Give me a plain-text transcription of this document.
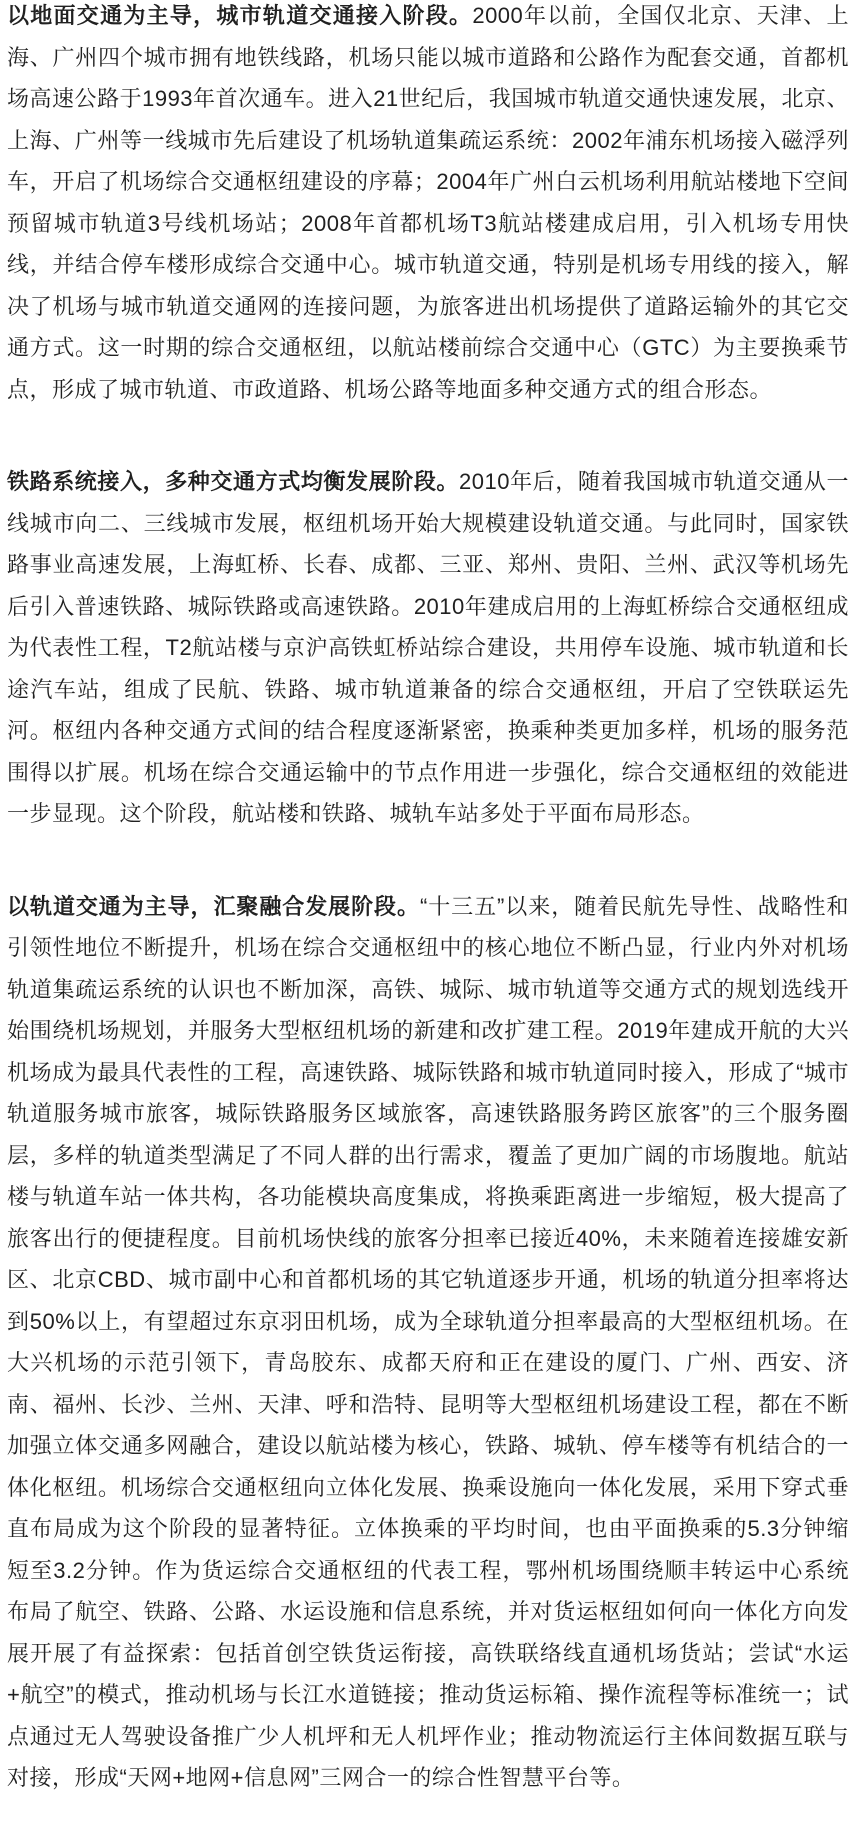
以地面交通为主导，城市轨道交通接入阶段。2000年以前，全国仅北京、天津、上海、广州四个城市拥有地铁线路，机场只能以城市道路和公路作为配套交通，首都机场高速公路于1993年首次通车。进入21世纪后，我国城市轨道交通快速发展，北京、上海、广州等一线城市先后建设了机场轨道集疏运系统：2002年浦东机场接入磁浮列车，开启了机场综合交通枢纽建设的序幕；2004年广州白云机场利用航站楼地下空间预留城市轨道3号线机场站；2008年首都机场T3航站楼建成启用，引入机场专用快线，并结合停车楼形成综合交通中心。城市轨道交通，特别是机场专用线的接入，解决了机场与城市轨道交通网的连接问题，为旅客进出机场提供了道路运输外的其它交通方式。这一时期的综合交通枢纽，以航站楼前综合交通中心（GTC）为主要换乘节点，形成了城市轨道、市政道路、机场公路等地面多种交通方式的组合形态。

铁路系统接入，多种交通方式均衡发展阶段。2010年后，随着我国城市轨道交通从一线城市向二、三线城市发展，枢纽机场开始大规模建设轨道交通。与此同时，国家铁路事业高速发展，上海虹桥、长春、成都、三亚、郑州、贵阳、兰州、武汉等机场先后引入普速铁路、城际铁路或高速铁路。2010年建成启用的上海虹桥综合交通枢纽成为代表性工程，T2航站楼与京沪高铁虹桥站综合建设，共用停车设施、城市轨道和长途汽车站，组成了民航、铁路、城市轨道兼备的综合交通枢纽，开启了空铁联运先河。枢纽内各种交通方式间的结合程度逐渐紧密，换乘种类更加多样，机场的服务范围得以扩展。机场在综合交通运输中的节点作用进一步强化，综合交通枢纽的效能进一步显现。这个阶段，航站楼和铁路、城轨车站多处于平面布局形态。

以轨道交通为主导，汇聚融合发展阶段。“十三五”以来，随着民航先导性、战略性和引领性地位不断提升，机场在综合交通枢纽中的核心地位不断凸显，行业内外对机场轨道集疏运系统的认识也不断加深，高铁、城际、城市轨道等交通方式的规划选线开始围绕机场规划，并服务大型枢纽机场的新建和改扩建工程。2019年建成开航的大兴机场成为最具代表性的工程，高速铁路、城际铁路和城市轨道同时接入，形成了“城市轨道服务城市旅客，城际铁路服务区域旅客，高速铁路服务跨区旅客”的三个服务圈层，多样的轨道类型满足了不同人群的出行需求，覆盖了更加广阔的市场腹地。航站楼与轨道车站一体共构，各功能模块高度集成，将换乘距离进一步缩短，极大提高了旅客出行的便捷程度。目前机场快线的旅客分担率已接近40%，未来随着连接雄安新区、北京CBD、城市副中心和首都机场的其它轨道逐步开通，机场的轨道分担率将达到50%以上，有望超过东京羽田机场，成为全球轨道分担率最高的大型枢纽机场。在大兴机场的示范引领下，青岛胶东、成都天府和正在建设的厦门、广州、西安、济南、福州、长沙、兰州、天津、呼和浩特、昆明等大型枢纽机场建设工程，都在不断加强立体交通多网融合，建设以航站楼为核心，铁路、城轨、停车楼等有机结合的一体化枢纽。机场综合交通枢纽向立体化发展、换乘设施向一体化发展，采用下穿式垂直布局成为这个阶段的显著特征。立体换乘的平均时间，也由平面换乘的5.3分钟缩短至3.2分钟。作为货运综合交通枢纽的代表工程，鄂州机场围绕顺丰转运中心系统布局了航空、铁路、公路、水运设施和信息系统，并对货运枢纽如何向一体化方向发展开展了有益探索：包括首创空铁货运衔接，高铁联络线直通机场货站；尝试“水运+航空”的模式，推动机场与长江水道链接；推动货运标箱、操作流程等标准统一；试点通过无人驾驶设备推广少人机坪和无人机坪作业；推动物流运行主体间数据互联与对接，形成“天网+地网+信息网”三网合一的综合性智慧平台等。
